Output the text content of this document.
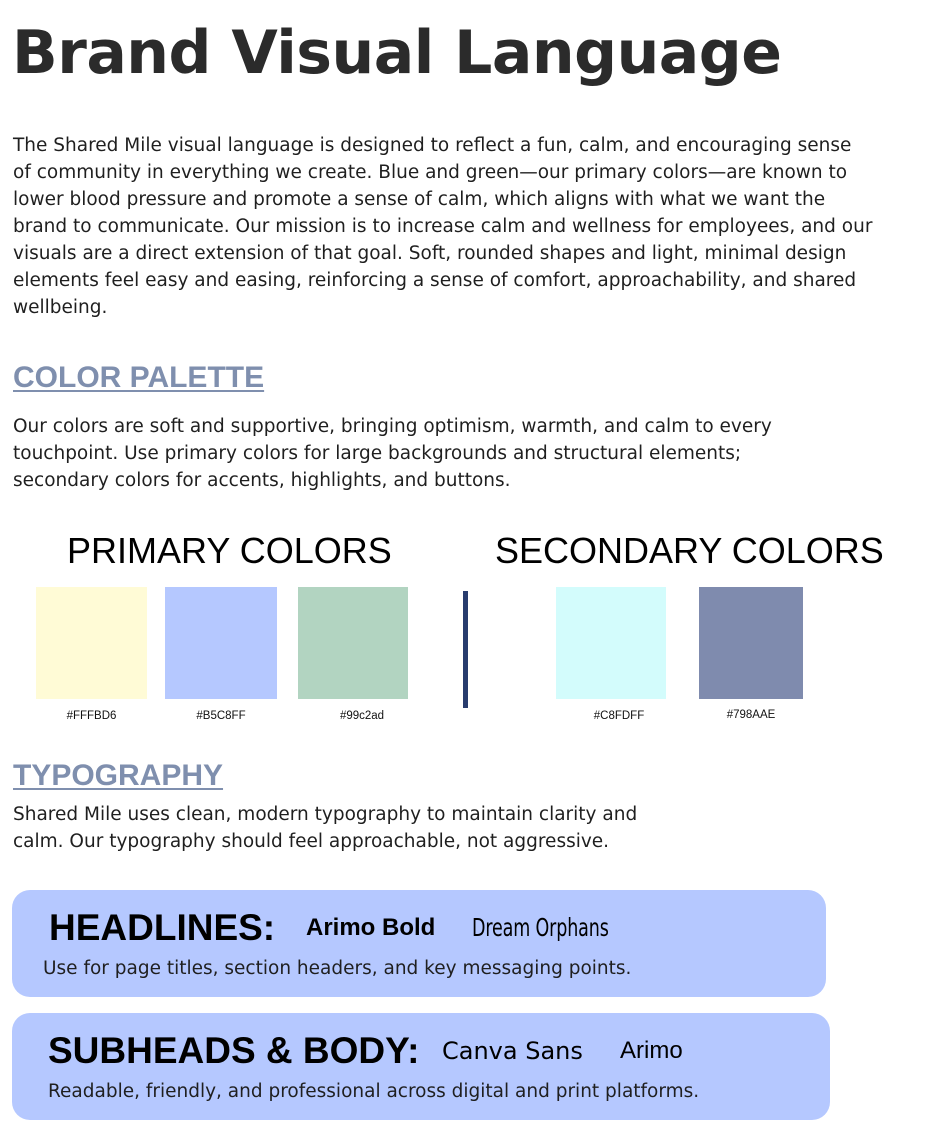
Brand Visual Language

The Shared Mile visual language is designed to reflect a fun, calm, and encouraging sense of community in everything we create. Blue and green—our primary colors—are known to lower blood pressure and promote a sense of calm, which aligns with what we want the brand to communicate. Our mission is to increase calm and wellness for employees, and our visuals are a direct extension of that goal. Soft, rounded shapes and light, minimal design elements feel easy and easing, reinforcing a sense of comfort, approachability, and shared wellbeing.

COLOR PALETTE

Our colors are soft and supportive, bringing optimism, warmth, and calm to every touchpoint. Use primary colors for large backgrounds and structural elements; secondary colors for accents, highlights, and buttons.

PRIMARY COLORS
#FFFBD6	#B5C8FF	#99c2ad
SECONDARY COLORS
#C8FDFF	#798AAE
TYPOGRAPHY

Shared Mile uses clean, modern typography to maintain clarity and calm. Our typography should feel approachable, not aggressive.

HEADLINES: Arimo Bold Dream Orphans

Use for page titles, section headers, and key messaging points.

SUBHEADS & BODY: Canva Sans Arimo

Readable, friendly, and professional across digital and print platforms.
